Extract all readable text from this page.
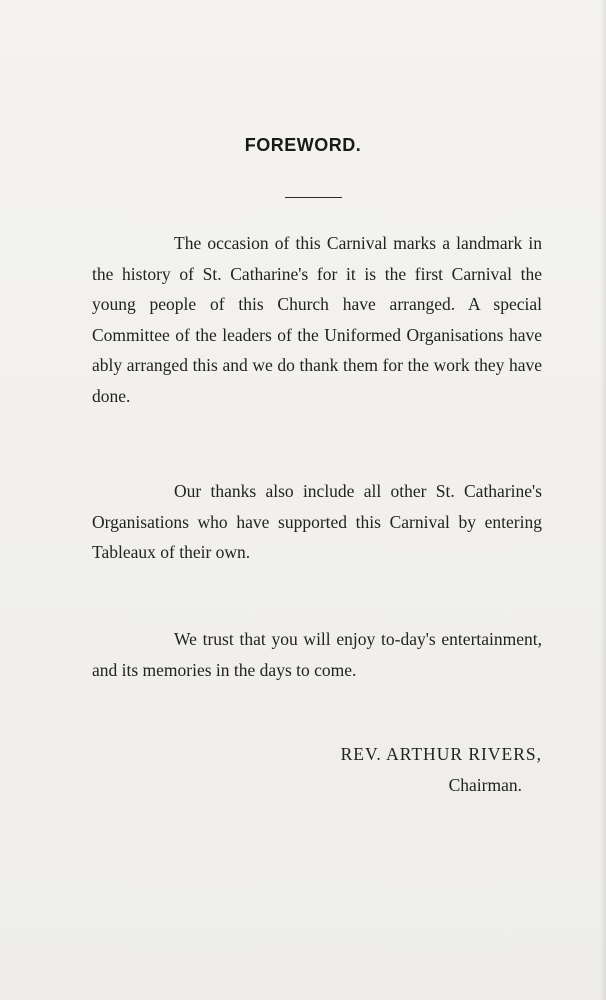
FOREWORD.

The occasion of this Carnival marks a landmark in the history of St. Catharine's for it is the first Carnival the young people of this Church have arranged. A special Committee of the leaders of the Uniformed Organisations have ably arranged this and we do thank them for the work they have done.

Our thanks also include all other St. Catharine's Organisations who have supported this Carnival by entering Tableaux of their own.

We trust that you will enjoy to-day's entertainment, and its memories in the days to come.

REV. ARTHUR RIVERS,
Chairman.
